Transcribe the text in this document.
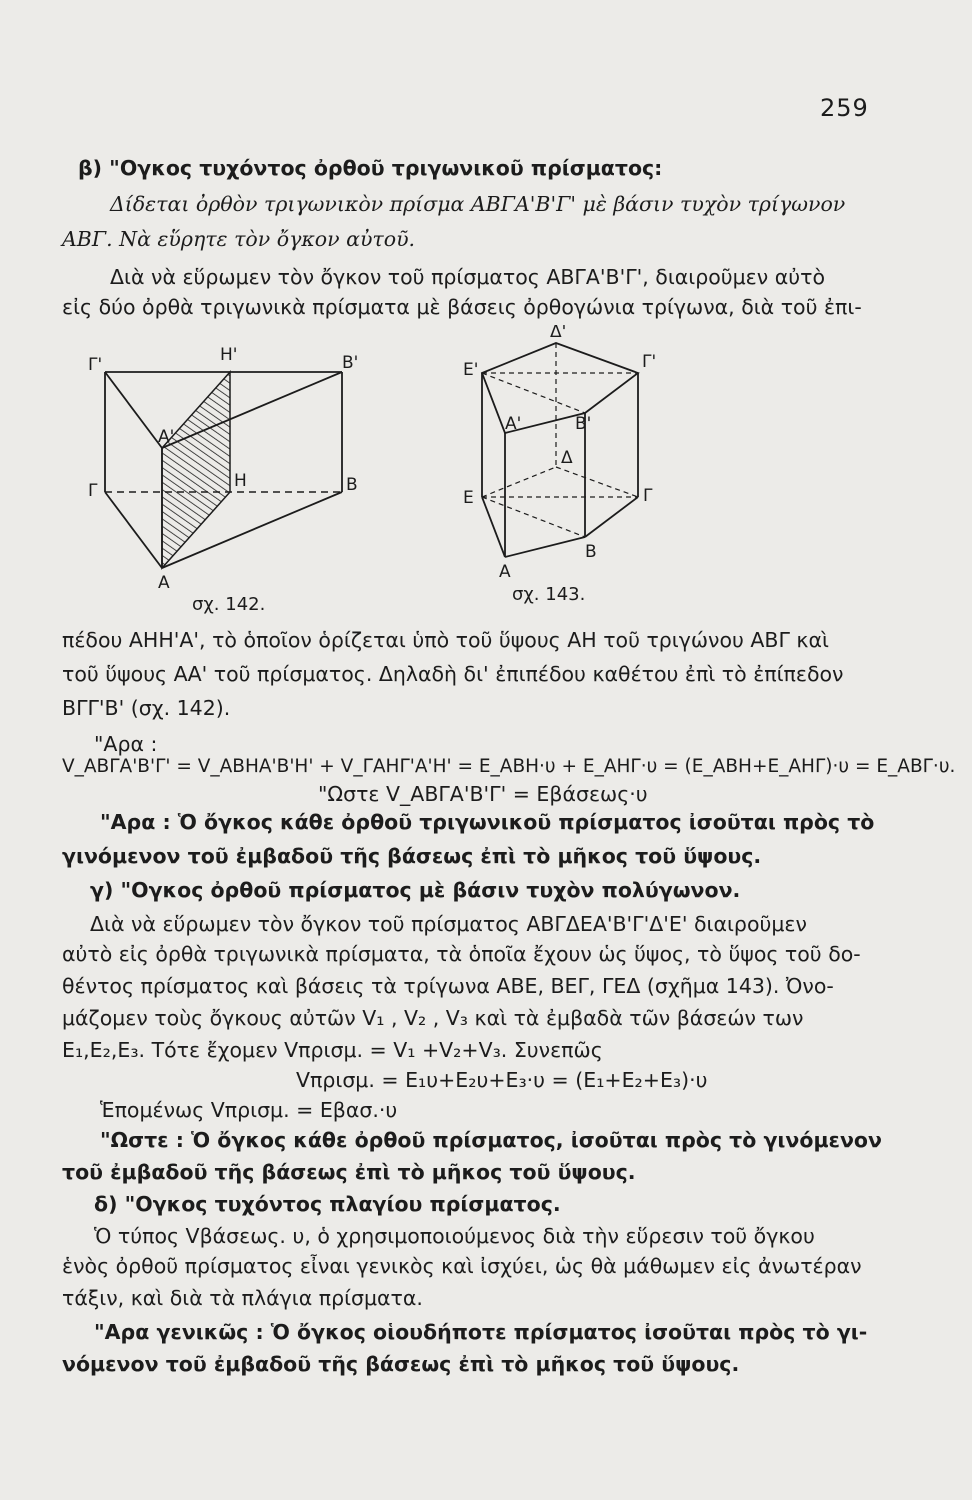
259
β) "Ογκος τυχόντος ὀρθοῦ τριγωνικοῦ πρίσματος:
Δίδεται ὀρθὸν τριγωνικὸν πρίσμα ΑΒΓΑ'Β'Γ' μὲ βάσιν τυχὸν τρίγωνον
ΑΒΓ. Νὰ εὕρητε τὸν ὄγκον αὐτοῦ.
Διὰ νὰ εὕρωμεν τὸν ὄγκον τοῦ πρίσματος ΑΒΓΑ'Β'Γ', διαιροῦμεν αὐτὸ
εἰς δύο ὀρθὰ τριγωνικὰ πρίσματα μὲ βάσεις ὀρθογώνια τρίγωνα, διὰ τοῦ ἐπι-
Γ'	Η'	Β'
Α'
Η
Γ	Β
Α
σχ. 142.
Δ'
Ε'	Γ'
Α'	Β'
Δ
Ε	Γ
Α
Β
σχ. 143.
πέδου ΑΗΗ'Α', τὸ ὁποῖον ὁρίζεται ὑπὸ τοῦ ὕψους ΑΗ τοῦ τριγώνου ΑΒΓ καὶ
τοῦ ὕψους ΑΑ' τοῦ πρίσματος. Δηλαδὴ δι' ἐπιπέδου καθέτου ἐπὶ τὸ ἐπίπεδον
ΒΓΓ'Β' (σχ. 142).
"Αρα :
V_ΑΒΓΑ'Β'Γ' = V_ΑΒΗΑ'Β'Η' + V_ΓΑΗΓ'Α'Η' = Ε_ΑΒΗ·υ + Ε_ΑΗΓ·υ = (Ε_ΑΒΗ+Ε_ΑΗΓ)·υ = Ε_ΑΒΓ·υ.
"Ωστε V_ΑΒΓΑ'Β'Γ' = Εβάσεως·υ
"Αρα : Ὁ ὄγκος κάθε ὀρθοῦ τριγωνικοῦ πρίσματος ἰσοῦται πρὸς τὸ
γινόμενον τοῦ ἐμβαδοῦ τῆς βάσεως ἐπὶ τὸ μῆκος τοῦ ὕψους.
γ) "Ογκος ὀρθοῦ πρίσματος μὲ βάσιν τυχὸν πολύγωνον.
Διὰ νὰ εὕρωμεν τὸν ὄγκον τοῦ πρίσματος ΑΒΓΔΕΑ'Β'Γ'Δ'Ε' διαιροῦμεν
αὐτὸ εἰς ὀρθὰ τριγωνικὰ πρίσματα, τὰ ὁποῖα ἔχουν ὡς ὕψος, τὸ ὕψος τοῦ δο-
θέντος πρίσματος καὶ βάσεις τὰ τρίγωνα ΑΒΕ, ΒΕΓ, ΓΕΔ (σχῆμα 143). Ὀνο-
μάζομεν τοὺς ὄγκους αὐτῶν V₁ , V₂ , V₃ καὶ τὰ ἐμβαδὰ τῶν βάσεών των
Ε₁,Ε₂,Ε₃. Τότε ἔχομεν Vπρισμ. = V₁ +V₂+V₃. Συνεπῶς
Vπρισμ. = Ε₁υ+Ε₂υ+Ε₃·υ = (Ε₁+Ε₂+Ε₃)·υ
Ἑπομένως Vπρισμ. = Εβασ.·υ
"Ωστε : Ὁ ὄγκος κάθε ὀρθοῦ πρίσματος, ἰσοῦται πρὸς τὸ γινόμενον
τοῦ ἐμβαδοῦ τῆς βάσεως ἐπὶ τὸ μῆκος τοῦ ὕψους.
δ) "Ογκος τυχόντος πλαγίου πρίσματος.
Ὁ τύπος Vβάσεως. υ, ὁ χρησιμοποιούμενος διὰ τὴν εὕρεσιν τοῦ ὄγκου
ἑνὸς ὀρθοῦ πρίσματος εἶναι γενικὸς καὶ ἰσχύει, ὡς θὰ μάθωμεν εἰς ἀνωτέραν
τάξιν, καὶ διὰ τὰ πλάγια πρίσματα.
"Αρα γενικῶς : Ὁ ὄγκος οἱουδήποτε πρίσματος ἰσοῦται πρὸς τὸ γι-
νόμενον τοῦ ἐμβαδοῦ τῆς βάσεως ἐπὶ τὸ μῆκος τοῦ ὕψους.
